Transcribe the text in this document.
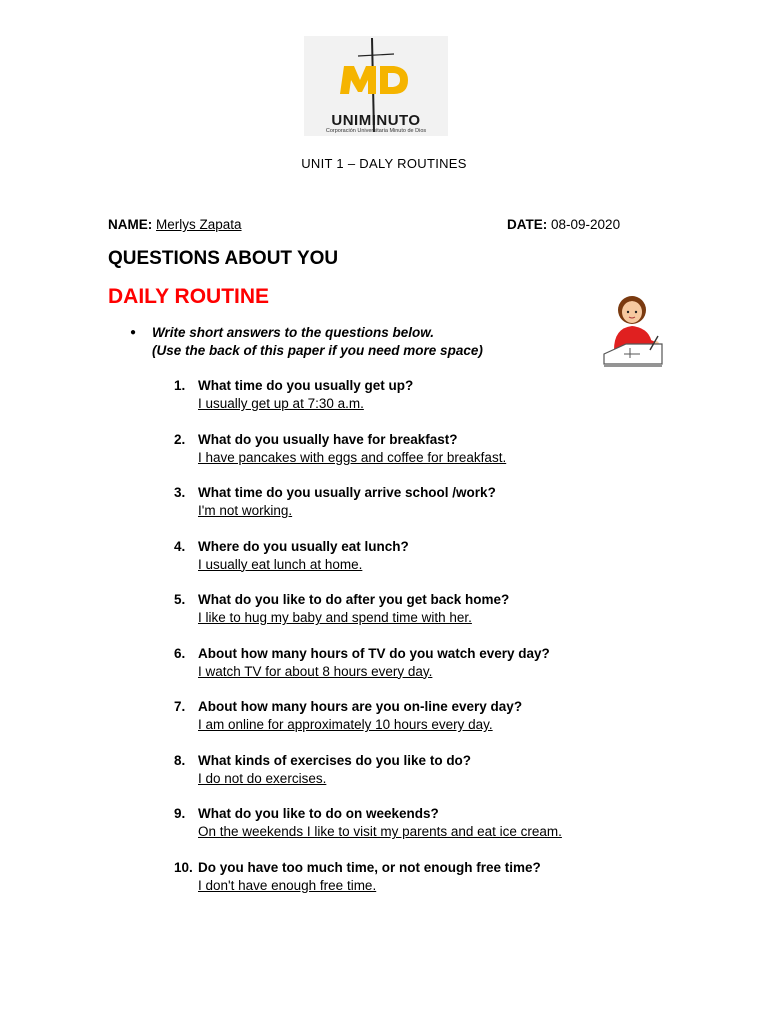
UNIMINUTO
Corporación Universitaria Minuto de Dios
UNIT 1 – DALY ROUTINES
NAME: Merlys Zapata	DATE: 08-09-2020
QUESTIONS ABOUT YOU
DAILY ROUTINE
● Write short answers to the questions below.
(Use the back of this paper if you need more space)
1. What time do you usually get up?
I usually get up at 7:30 a.m.
2. What do you usually have for breakfast?
I have pancakes with eggs and coffee for breakfast.
3. What time do you usually arrive school /work?
I'm not working.
4. Where do you usually eat lunch?
I usually eat lunch at home.
5. What do you like to do after you get back home?
I like to hug my baby and spend time with her.
6. About how many hours of TV do you watch every day?
I watch TV for about 8 hours every day.
7. About how many hours are you on-line every day?
I am online for approximately 10 hours every day.
8. What kinds of exercises do you like to do?
I do not do exercises.
9. What do you like to do on weekends?
On the weekends I like to visit my parents and eat ice cream.
10. Do you have too much time, or not enough free time?
I don't have enough free time.
